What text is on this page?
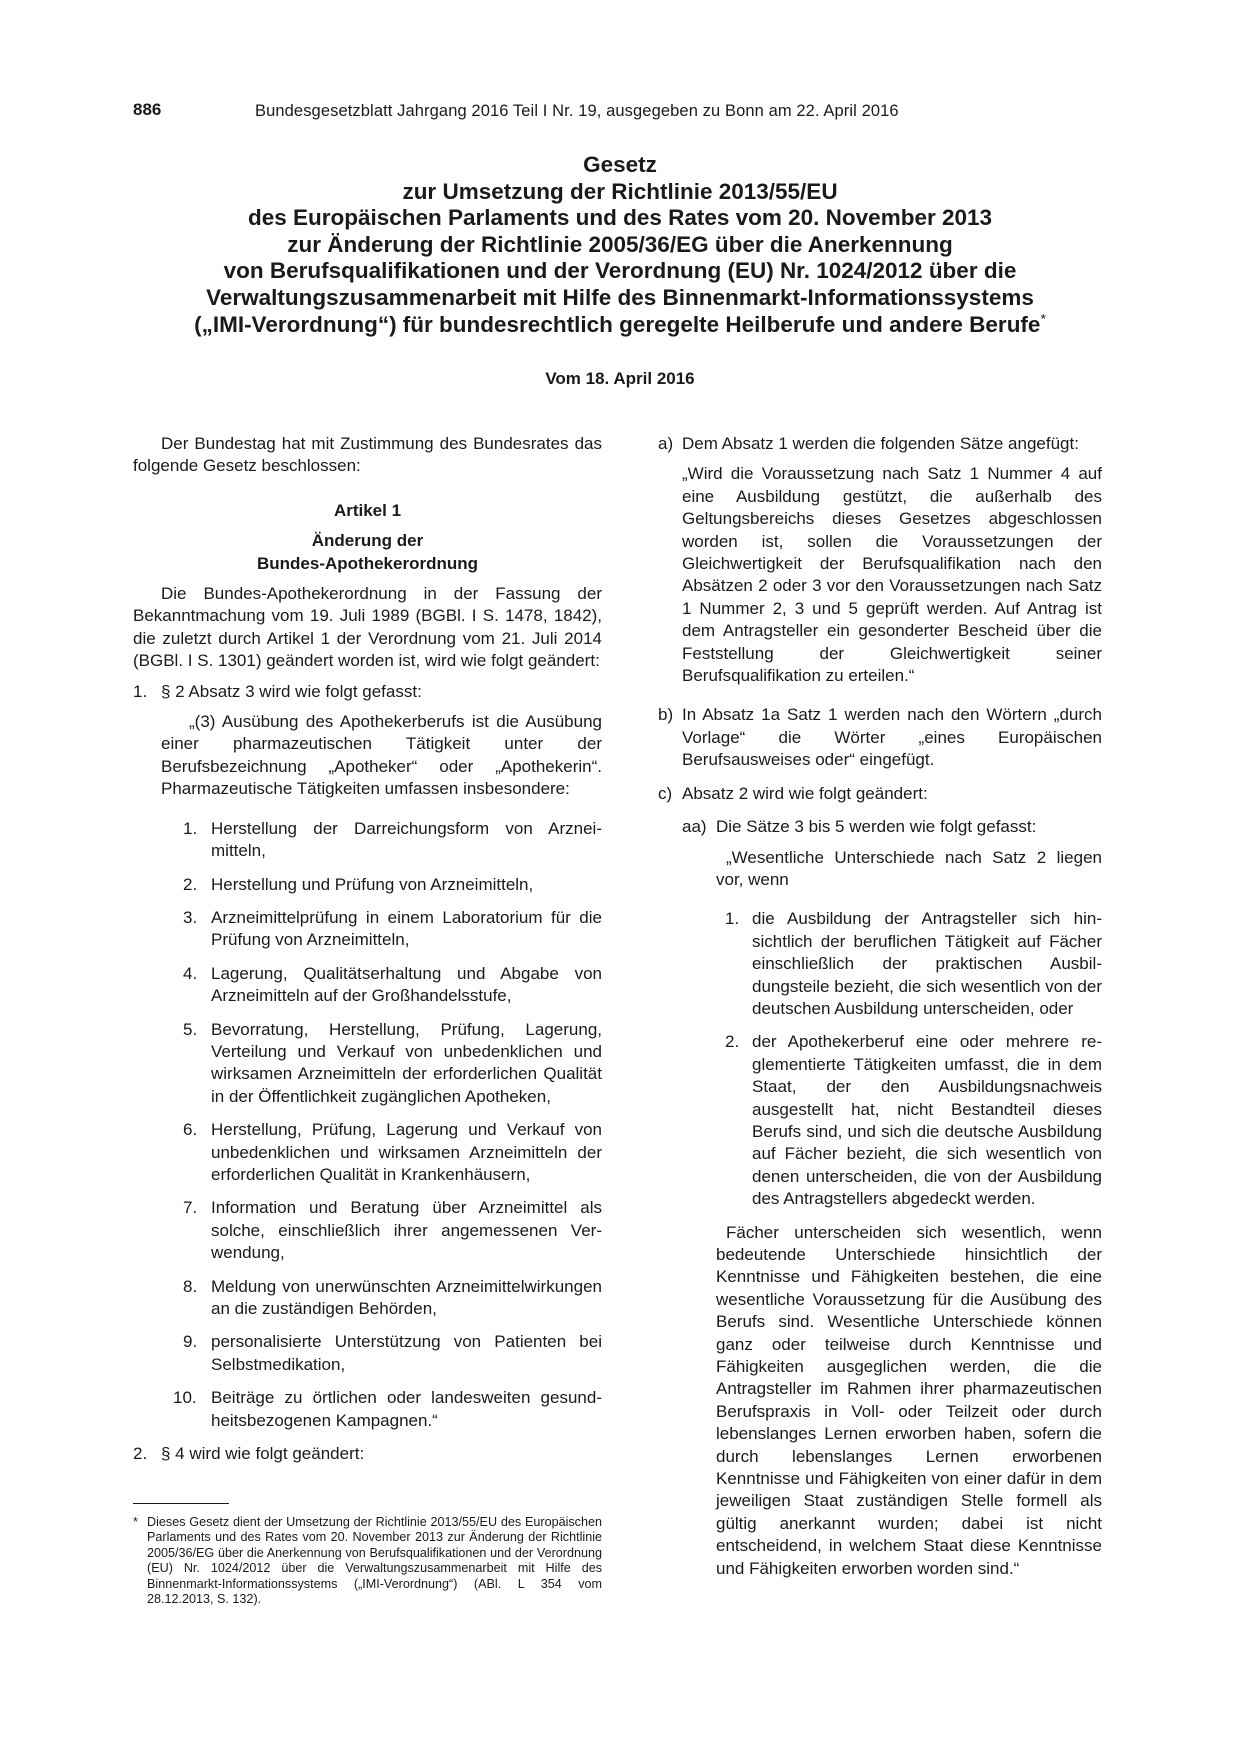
886	Bundesgesetzblatt Jahrgang 2016 Teil I Nr. 19, ausgegeben zu Bonn am 22. April 2016
Gesetz
zur Umsetzung der Richtlinie 2013/55/EU
des Europäischen Parlaments und des Rates vom 20. November 2013
zur Änderung der Richtlinie 2005/36/EG über die Anerkennung
von Berufsqualifikationen und der Verordnung (EU) Nr. 1024/2012 über die
Verwaltungszusammenarbeit mit Hilfe des Binnenmarkt-Informationssystems
(„IMI-Verordnung“) für bundesrechtlich geregelte Heilberufe und andere Berufe*
Vom 18. April 2016

Der Bundestag hat mit Zustimmung des Bundesrates das folgende Gesetz beschlossen:

Artikel 1

Änderung der

Bundes-Apothekerordnung

Die Bundes-Apothekerordnung in der Fassung der Bekanntmachung vom 19. Juli 1989 (BGBl. I S. 1478, 1842), die zuletzt durch Artikel 1 der Verordnung vom 21. Juli 2014 (BGBl. I S. 1301) geändert worden ist, wird wie folgt geändert:

1. § 2 Absatz 3 wird wie folgt gefasst:

„(3) Ausübung des Apothekerberufs ist die Ausübung einer pharmazeutischen Tätigkeit unter der Berufsbezeichnung „Apotheker“ oder „Apothekerin“. Pharmazeutische Tätigkeiten umfassen insbesondere:

1. Herstellung der Darreichungsform von Arzneimitteln,
2. Herstellung und Prüfung von Arzneimitteln,
3. Arzneimittelprüfung in einem Laboratorium für die Prüfung von Arzneimitteln,
4. Lagerung, Qualitätserhaltung und Abgabe von Arzneimitteln auf der Großhandelsstufe,
5. Bevorratung, Herstellung, Prüfung, Lagerung, Verteilung und Verkauf von unbedenklichen und wirksamen Arzneimitteln der erforderlichen Qualität in der Öffentlichkeit zugänglichen Apotheken,
6. Herstellung, Prüfung, Lagerung und Verkauf von unbedenklichen und wirksamen Arzneimitteln der erforderlichen Qualität in Krankenhäusern,
7. Information und Beratung über Arzneimittel als solche, einschließlich ihrer angemessenen Verwendung,
8. Meldung von unerwünschten Arzneimittelwirkungen an die zuständigen Behörden,
9. personalisierte Unterstützung von Patienten bei Selbstmedikation,
10. Beiträge zu örtlichen oder landesweiten gesundheitsbezogenen Kampagnen.“
2. § 4 wird wie folgt geändert:
a) Dem Absatz 1 werden die folgenden Sätze angefügt:

„Wird die Voraussetzung nach Satz 1 Nummer 4 auf eine Ausbildung gestützt, die außerhalb des Geltungsbereichs dieses Gesetzes abgeschlossen worden ist, sollen die Voraussetzungen der Gleichwertigkeit der Berufsqualifikation nach den Absätzen 2 oder 3 vor den Voraussetzungen nach Satz 1 Nummer 2, 3 und 5 geprüft werden. Auf Antrag ist dem Antragsteller ein gesonderter Bescheid über die Feststellung der Gleichwertigkeit seiner Berufsqualifikation zu erteilen.“

b) In Absatz 1a Satz 1 werden nach den Wörtern „durch Vorlage“ die Wörter „eines Europäischen Berufsausweises oder“ eingefügt.
c) Absatz 2 wird wie folgt geändert:
aa) Die Sätze 3 bis 5 werden wie folgt gefasst:

„Wesentliche Unterschiede nach Satz 2 liegen vor, wenn

1. die Ausbildung der Antragsteller sich hinsichtlich der beruflichen Tätigkeit auf Fächer einschließlich der praktischen Ausbildungsteile bezieht, die sich wesentlich von der deutschen Ausbildung unterscheiden, oder
2. der Apothekerberuf eine oder mehrere reglementierte Tätigkeiten umfasst, die in dem Staat, der den Ausbildungsnachweis ausgestellt hat, nicht Bestandteil dieses Berufs sind, und sich die deutsche Ausbildung auf Fächer bezieht, die sich wesentlich von denen unterscheiden, die von der Ausbildung des Antragstellers abgedeckt werden.

Fächer unterscheiden sich wesentlich, wenn bedeutende Unterschiede hinsichtlich der Kenntnisse und Fähigkeiten bestehen, die eine wesentliche Voraussetzung für die Ausübung des Berufs sind. Wesentliche Unterschiede können ganz oder teilweise durch Kenntnisse und Fähigkeiten ausgeglichen werden, die die Antragsteller im Rahmen ihrer pharmazeutischen Berufspraxis in Voll- oder Teilzeit oder durch lebenslanges Lernen erworben haben, sofern die durch lebenslanges Lernen erworbenen Kenntnisse und Fähigkeiten von einer dafür in dem jeweiligen Staat zuständigen Stelle formell als gültig anerkannt wurden; dabei ist nicht entscheidend, in welchem Staat diese Kenntnisse und Fähigkeiten erworben worden sind.“

* Dieses Gesetz dient der Umsetzung der Richtlinie 2013/55/EU des Europäischen Parlaments und des Rates vom 20. November 2013 zur Änderung der Richtlinie 2005/36/EG über die Anerkennung von Berufsqualifikationen und der Verordnung (EU) Nr. 1024/2012 über die Verwaltungszusammenarbeit mit Hilfe des Binnenmarkt-Informationssystems („IMI-Verordnung“) (ABl. L 354 vom 28.12.2013, S. 132).
